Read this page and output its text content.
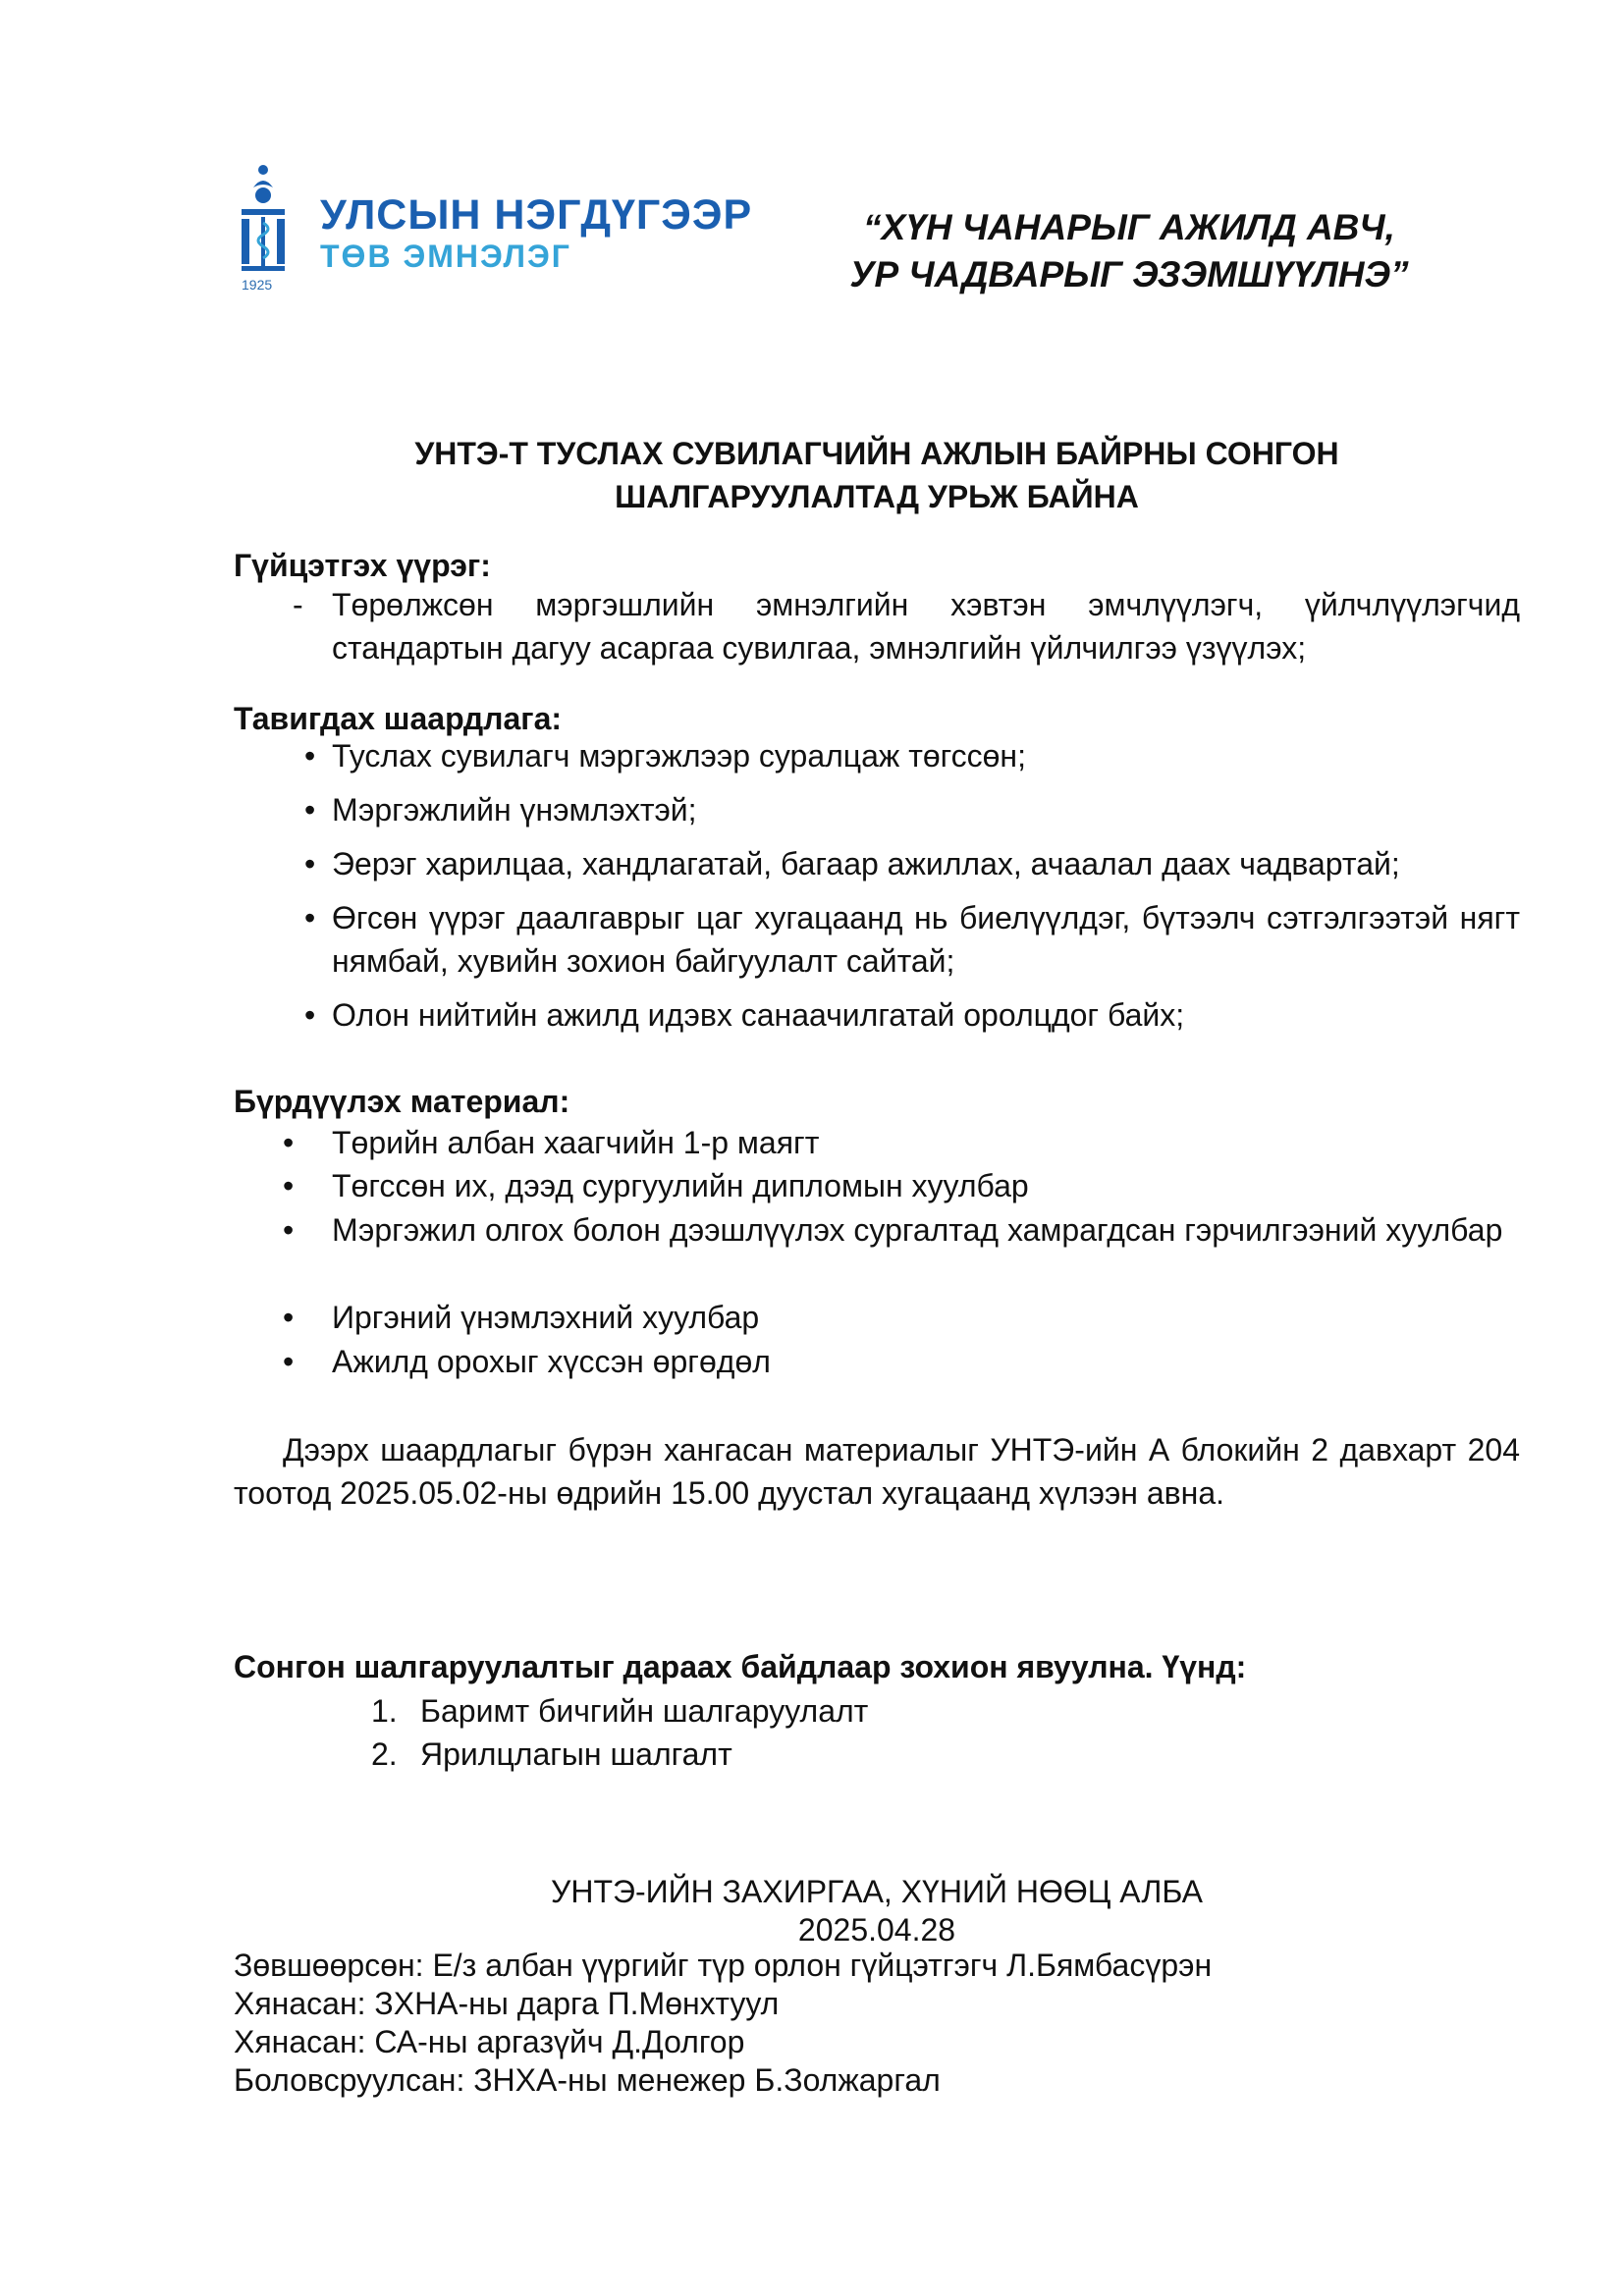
УЛСЫН НЭГДҮГЭЭР
ТӨВ ЭМНЭЛЭГ
1925
“ХҮН ЧАНАРЫГ АЖИЛД АВЧ,
УР ЧАДВАРЫГ ЭЗЭМШҮҮЛНЭ”
УНТЭ-Т ТУСЛАХ СУВИЛАГЧИЙН АЖЛЫН БАЙРНЫ СОНГОН
ШАЛГАРУУЛАЛТАД УРЬЖ БАЙНА
Гүйцэтгэх үүрэг:
- Төрөлжсөн мэргэшлийн эмнэлгийн хэвтэн эмчлүүлэгч, үйлчлүүлэгчид стандартын дагуу асаргаа сувилгаа, эмнэлгийн үйлчилгээ үзүүлэх;
Тавигдах шаардлага:
• Туслах сувилагч мэргэжлээр суралцаж төгссөн;
• Мэргэжлийн үнэмлэхтэй;
• Эерэг харилцаа, хандлагатай, багаар ажиллах, ачаалал даах чадвартай;
• Өгсөн үүрэг даалгаврыг цаг хугацаанд нь биелүүлдэг, бүтээлч сэтгэлгээтэй нягт нямбай, хувийн зохион байгуулалт сайтай;
• Олон нийтийн ажилд идэвх санаачилгатай оролцдог байх;
Бүрдүүлэх материал:
• Төрийн албан хаагчийн 1-р маягт
• Төгссөн их, дээд сургуулийн дипломын хуулбар
• Мэргэжил олгох болон дээшлүүлэх сургалтад хамрагдсан гэрчилгээний хуулбар
• Иргэний үнэмлэхний хуулбар
• Ажилд орохыг хүссэн өргөдөл
Дээрх шаардлагыг бүрэн хангасан материалыг УНТЭ-ийн А блокийн 2 давхарт 204 тоотод 2025.05.02-ны өдрийн 15.00 дуустал хугацаанд хүлээн авна.
Сонгон шалгаруулалтыг дараах байдлаар зохион явуулна. Үүнд:
1. Баримт бичгийн шалгаруулалт
2. Ярилцлагын шалгалт
УНТЭ-ИЙН ЗАХИРГАА, ХҮНИЙ НӨӨЦ АЛБА
2025.04.28
Зөвшөөрсөн: Е/з албан үүргийг түр орлон гүйцэтгэгч Л.Бямбасүрэн
Хянасан: ЗХНА-ны дарга П.Мөнхтуул
Хянасан: СА-ны аргазүйч Д.Долгор
Боловсруулсан: ЗНХА-ны менежер Б.Золжаргал
